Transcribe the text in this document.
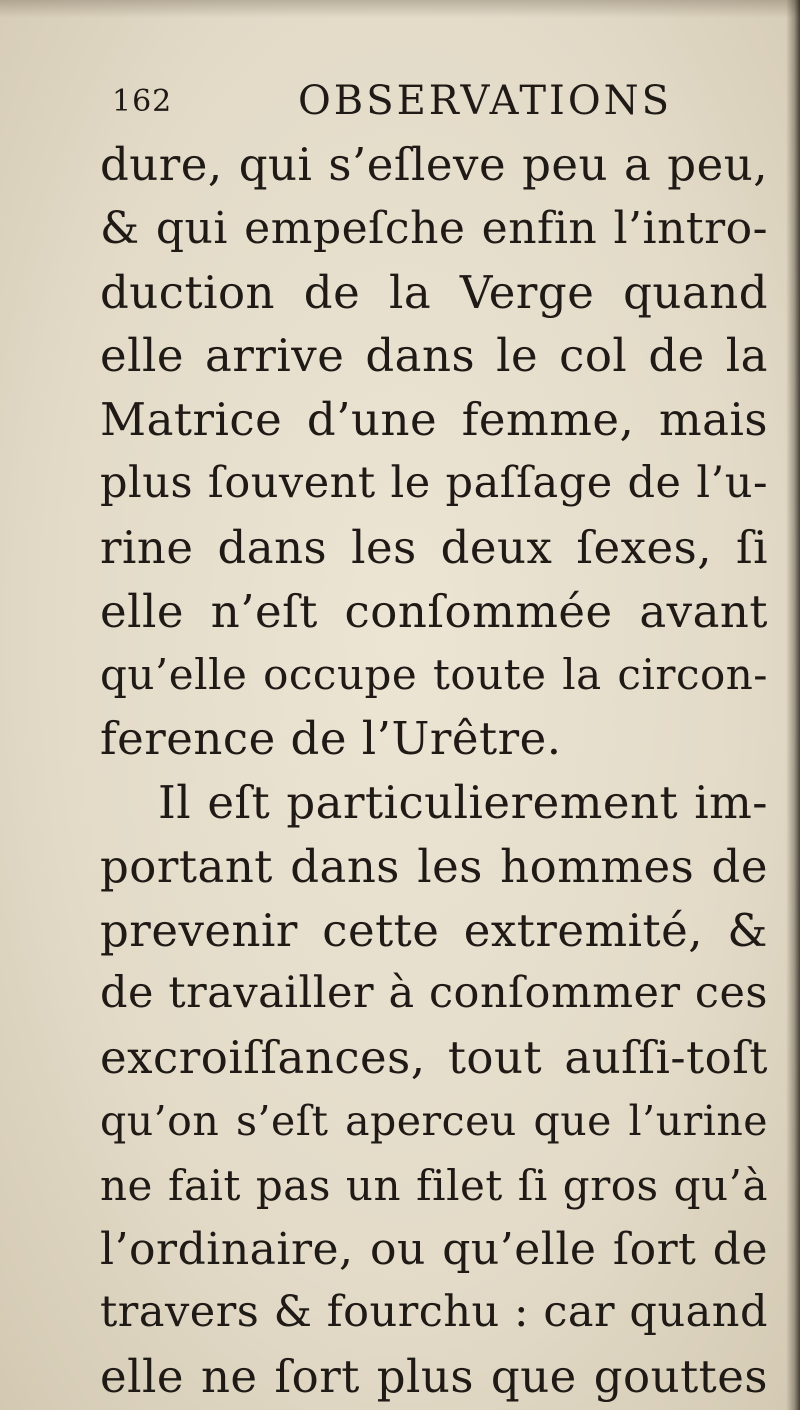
162	OBSERVATIONS
dure, qui s’eſleve peu a peu,
& qui empeſche enfin l’intro-
duction de la Verge quand
elle arrive dans le col de la
Matrice d’une femme, mais
plus ſouvent le paſſage de l’u-
rine dans les deux ſexes, ſi
elle n’eſt conſommée avant
qu’elle occupe toute la circon-
ference de l’Urêtre.
Il eſt particulierement im-
portant dans les hommes de
prevenir cette extremité, &
de travailler à conſommer ces
excroiſſances, tout auſſi-toſt
qu’on s’eſt aperceu que l’urine
ne fait pas un filet ſi gros qu’à
l’ordinaire, ou qu’elle ſort de
travers & fourchu : car quand
elle ne ſort plus que gouttes
